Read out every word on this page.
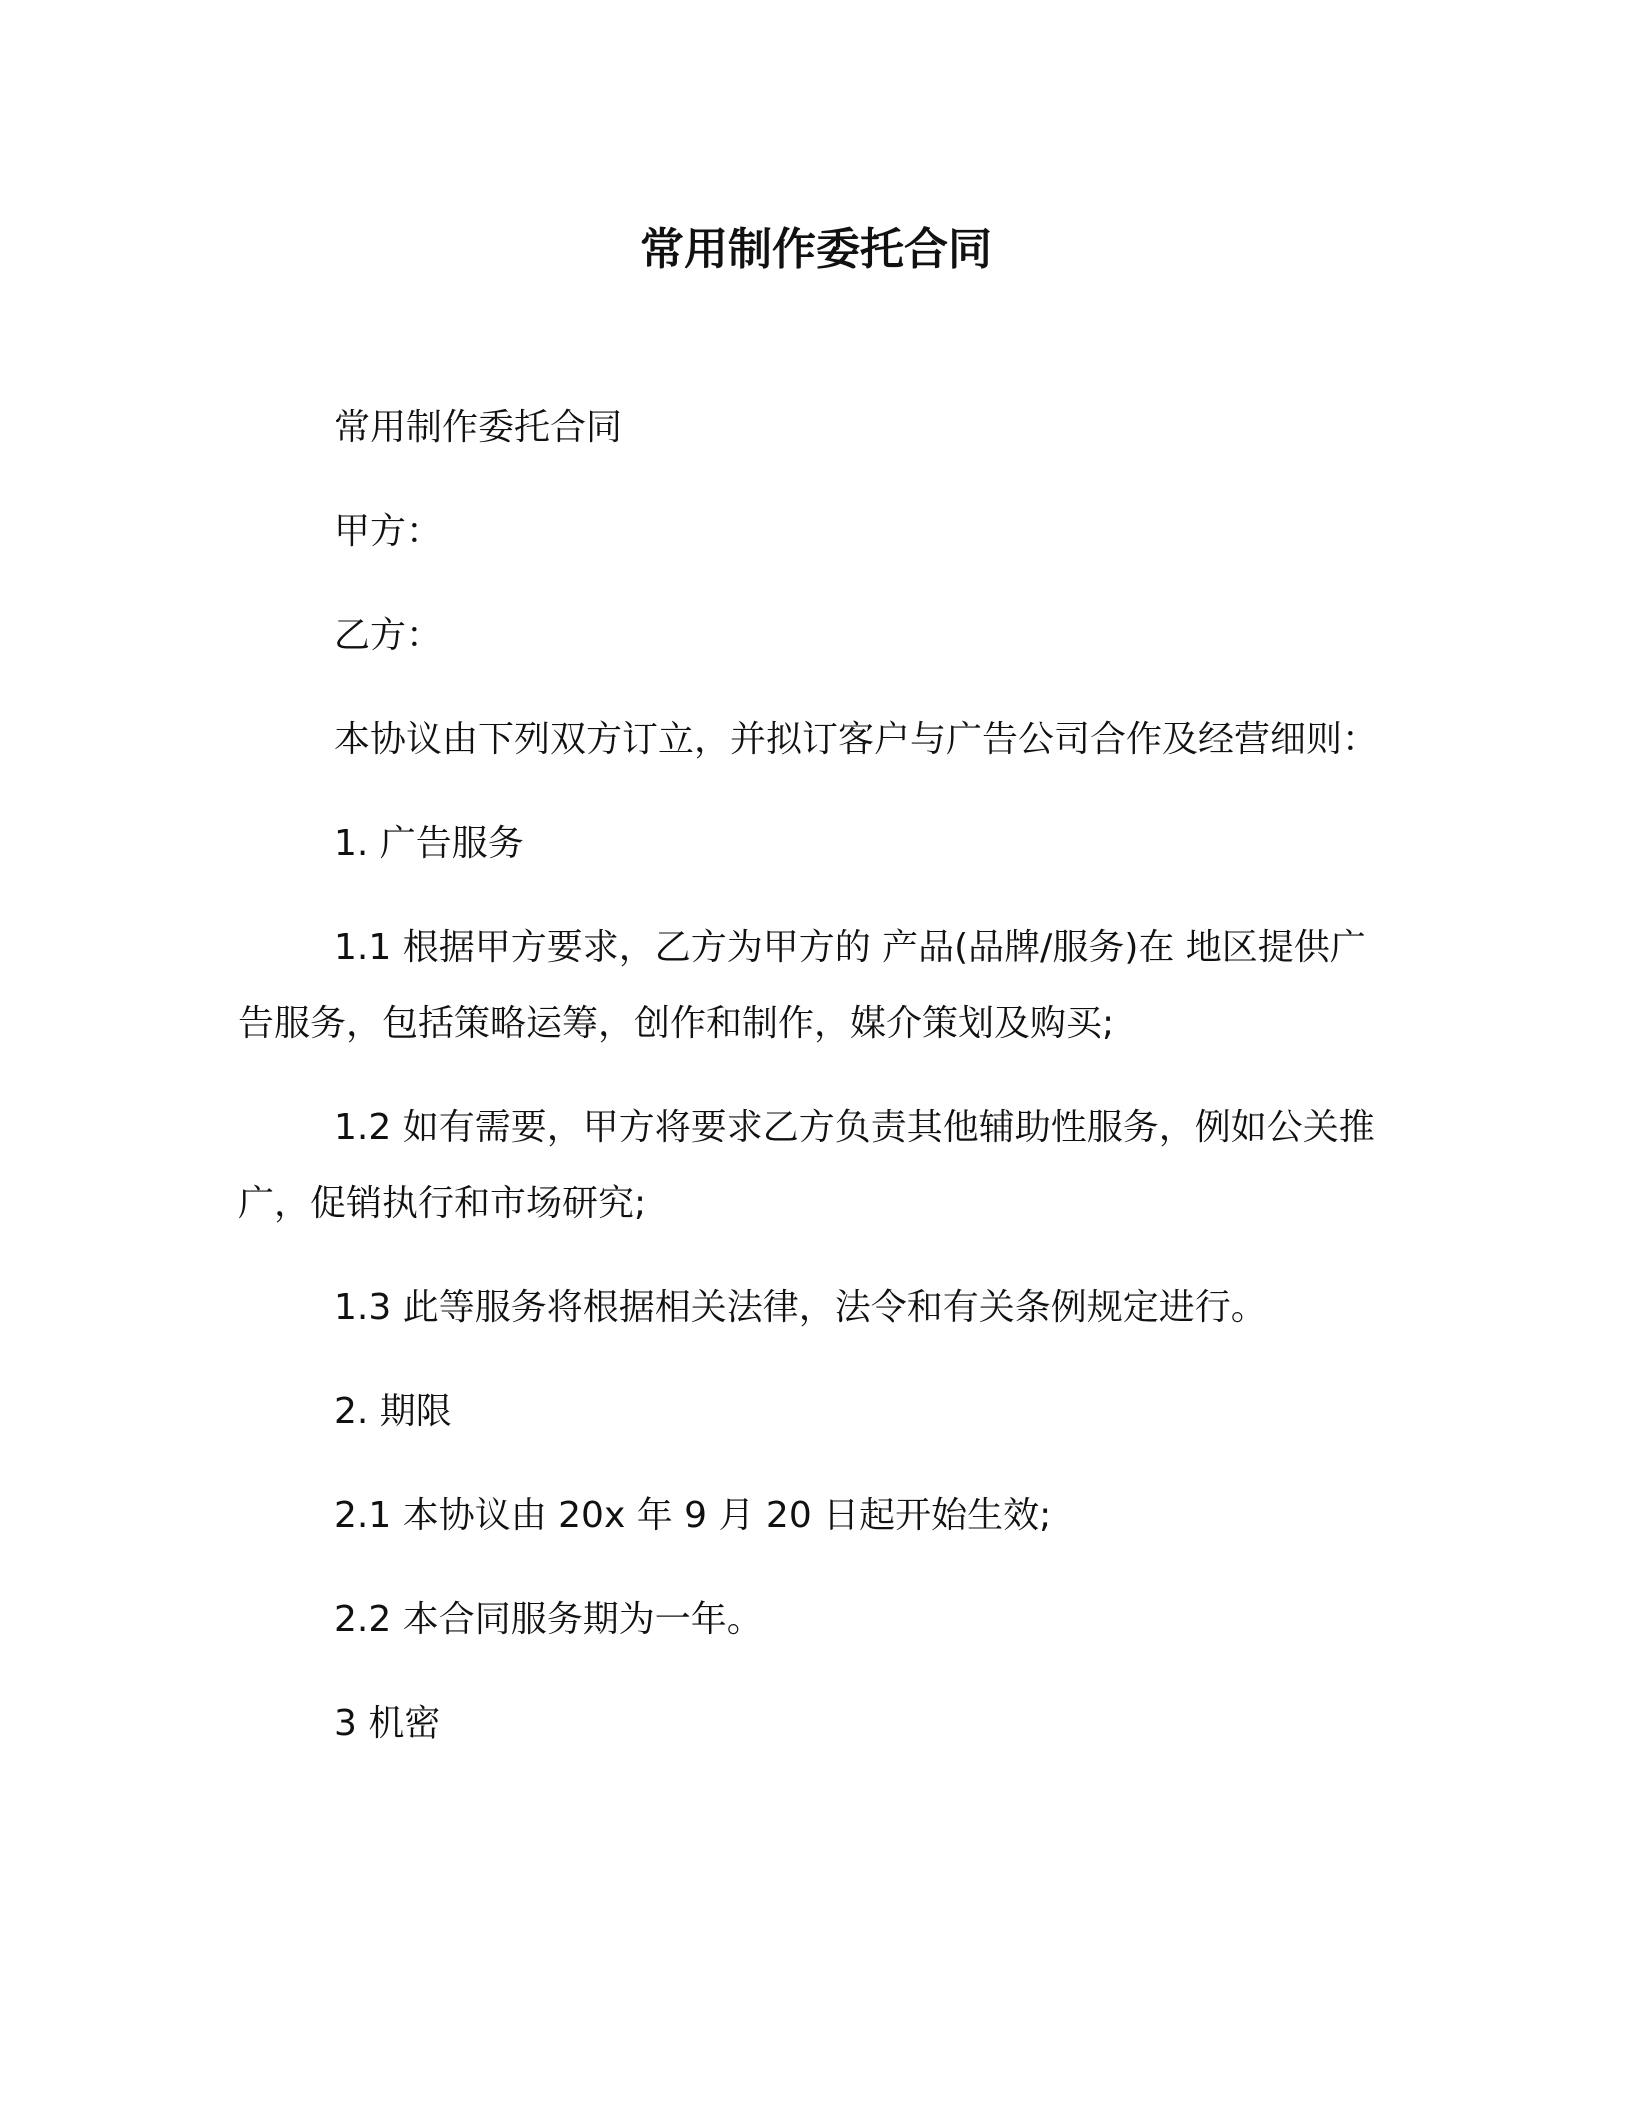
常用制作委托合同

常用制作委托合同

甲方：

乙方：

本协议由下列双方订立，并拟订客户与广告公司合作及经营细则：

1. 广告服务

1.1 根据甲方要求，乙方为甲方的 产品(品牌/服务)在 地区提供广告服务，包括策略运筹，创作和制作，媒介策划及购买;

1.2 如有需要，甲方将要求乙方负责其他辅助性服务，例如公关推广，促销执行和市场研究;

1.3 此等服务将根据相关法律，法令和有关条例规定进行。

2. 期限

2.1 本协议由 20x 年 9 月 20 日起开始生效;

2.2 本合同服务期为一年。

3 机密
